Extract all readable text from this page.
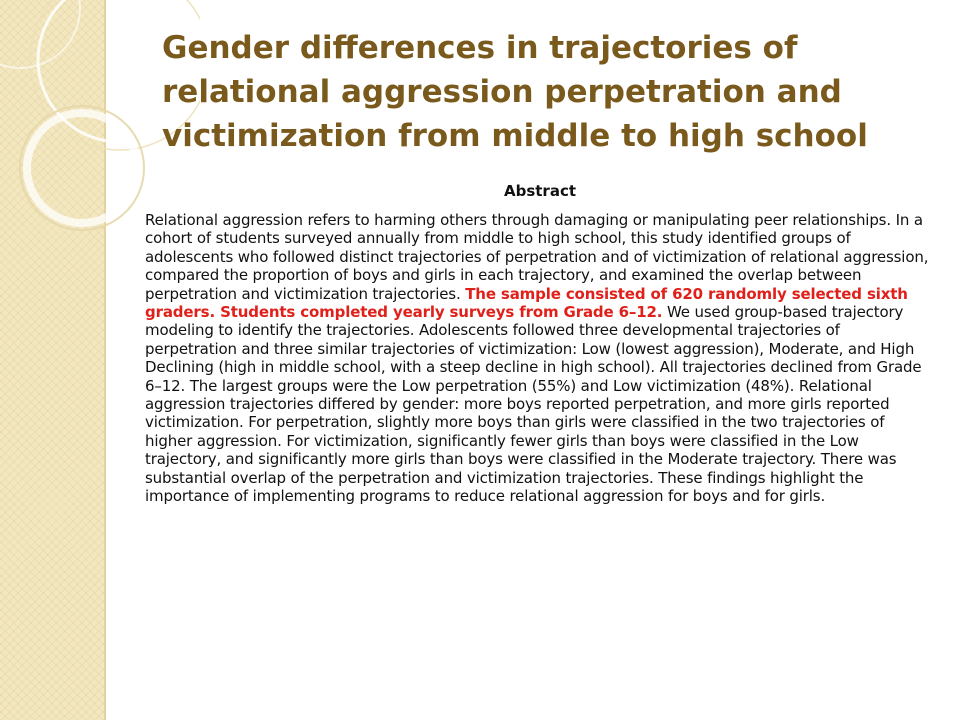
Gender differences in trajectories of relational aggression perpetration and victimization from middle to high school
Abstract

Relational aggression refers to harming others through damaging or manipulating peer relationships. In a cohort of students surveyed annually from middle to high school, this study identified groups of adolescents who followed distinct trajectories of perpetration and of victimization of relational aggression, compared the proportion of boys and girls in each trajectory, and examined the overlap between perpetration and victimization trajectories. The sample consisted of 620 randomly selected sixth graders. Students completed yearly surveys from Grade 6–12. We used group-based trajectory modeling to identify the trajectories. Adolescents followed three developmental trajectories of perpetration and three similar trajectories of victimization: Low (lowest aggression), Moderate, and High Declining (high in middle school, with a steep decline in high school). All trajectories declined from Grade 6–12. The largest groups were the Low perpetration (55%) and Low victimization (48%). Relational aggression trajectories differed by gender: more boys reported perpetration, and more girls reported victimization. For perpetration, slightly more boys than girls were classified in the two trajectories of higher aggression. For victimization, significantly fewer girls than boys were classified in the Low trajectory, and significantly more girls than boys were classified in the Moderate trajectory. There was substantial overlap of the perpetration and victimization trajectories. These findings highlight the importance of implementing programs to reduce relational aggression for boys and for girls.
